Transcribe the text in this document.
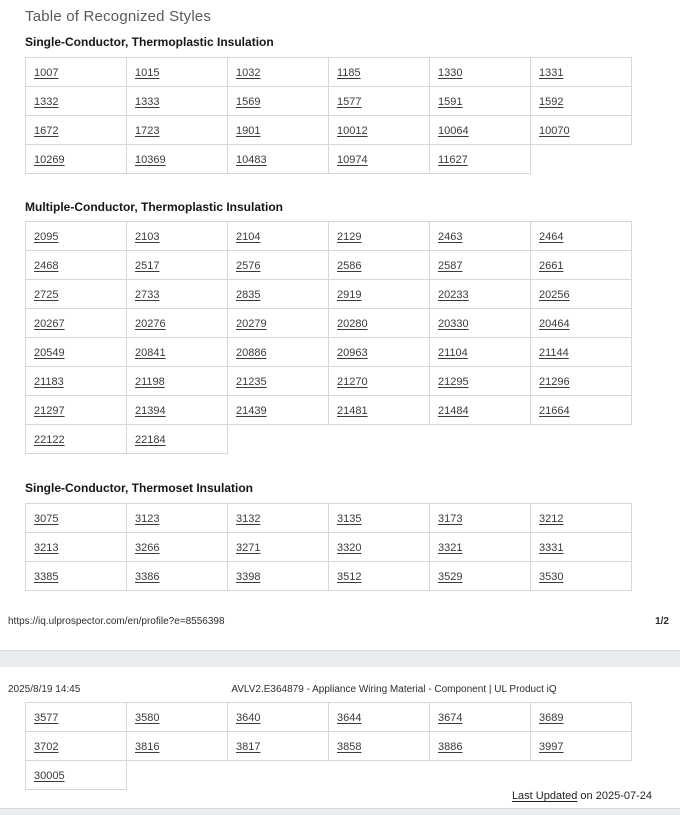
Table of Recognized Styles
Single-Conductor, Thermoplastic Insulation
1007	1015	1032	1185	1330	1331
1332	1333	1569	1577	1591	1592
1672	1723	1901	10012	10064	10070
10269	10369	10483	10974	11627	
Multiple-Conductor, Thermoplastic Insulation
2095	2103	2104	2129	2463	2464
2468	2517	2576	2586	2587	2661
2725	2733	2835	2919	20233	20256
20267	20276	20279	20280	20330	20464
20549	20841	20886	20963	21104	21144
21183	21198	21235	21270	21295	21296
21297	21394	21439	21481	21484	21664
22122	22184				
Single-Conductor, Thermoset Insulation
3075	3123	3132	3135	3173	3212
3213	3266	3271	3320	3321	3331
3385	3386	3398	3512	3529	3530
https://iq.ulprospector.com/en/profile?e=8556398	1/2
2025/8/19 14:45	AVLV2.E364879 - Appliance Wiring Material - Component | UL Product iQ
3577	3580	3640	3644	3674	3689
3702	3816	3817	3858	3886	3997
30005					
Last Updated on 2025-07-24
